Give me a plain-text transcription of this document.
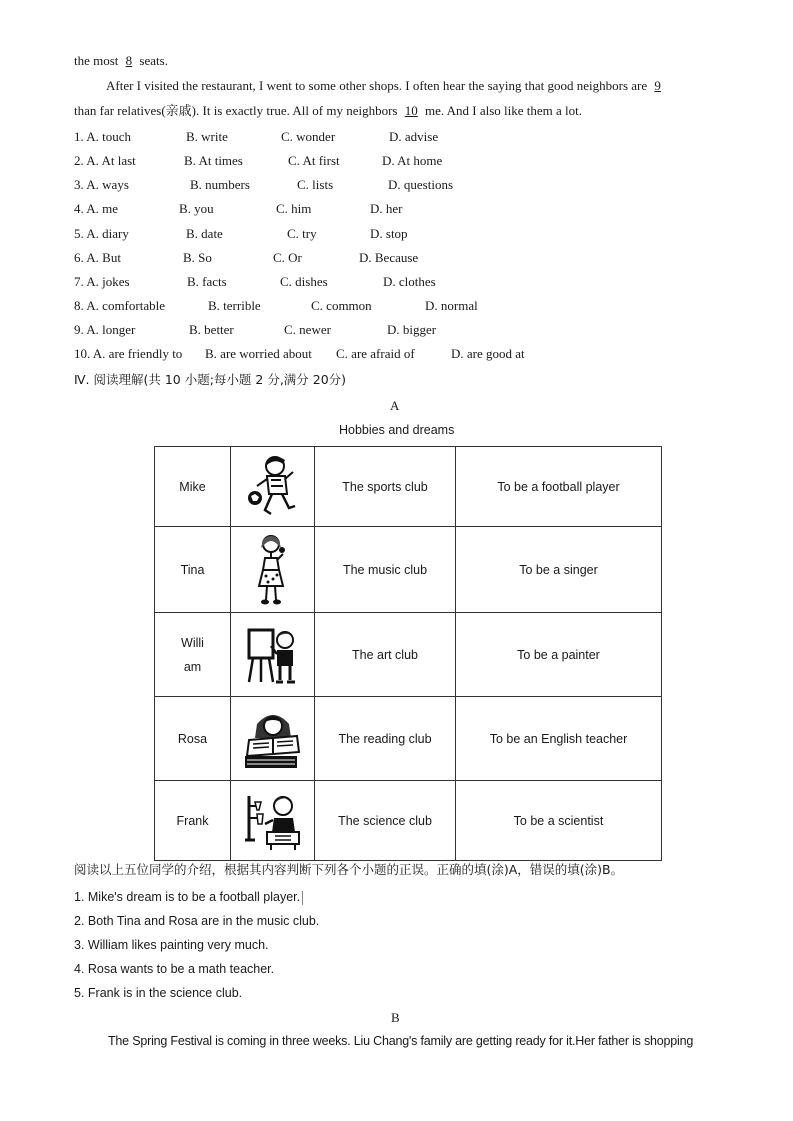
the most 8 seats.
After I visited the restaurant, I went to some other shops. I often hear the saying that good neighbors are 9
than far relatives(亲戚). It is exactly true. All of my neighbors 10 me. And I also like them a lot.
1. A. touch	B. write	C. wonder	D. advise
2. A. At last	B. At times	C. At first	D. At home
3. A. ways	B. numbers	C. lists	D. questions
4. A. me	B. you	C. him	D. her
5. A. diary	B. date	C. try	D. stop
6. A. But	B. So	C. Or	D. Because
7. A. jokes	B. facts	C. dishes	D. clothes
8. A. comfortable	B. terrible	C. common	D. normal
9. A. longer	B. better	C. newer	D. bigger
10. A. are friendly to B. are worried about C. are afraid of	D. are good at
Ⅳ. 阅读理解(共 10 小题;每小题 2 分,满分 20分)
A
Hobbies and dreams
Mike		The sports club	To be a football player
Tina		The music club	To be a singer
Willi
am		The art club	To be a painter
Rosa		The reading club	To be an English teacher
Frank		The science club	To be a scientist
阅读以上五位同学的介绍，根据其内容判断下列各个小题的正误。正确的填(涂)A，错误的填(涂)B。
1. Mike's dream is to be a football player.
2. Both Tina and Rosa are in the music club.
3. William likes painting very much.
4. Rosa wants to be a math teacher.
5. Frank is in the science club.
B
The Spring Festival is coming in three weeks. Liu Chang's family are getting ready for it.Her father is shopping
